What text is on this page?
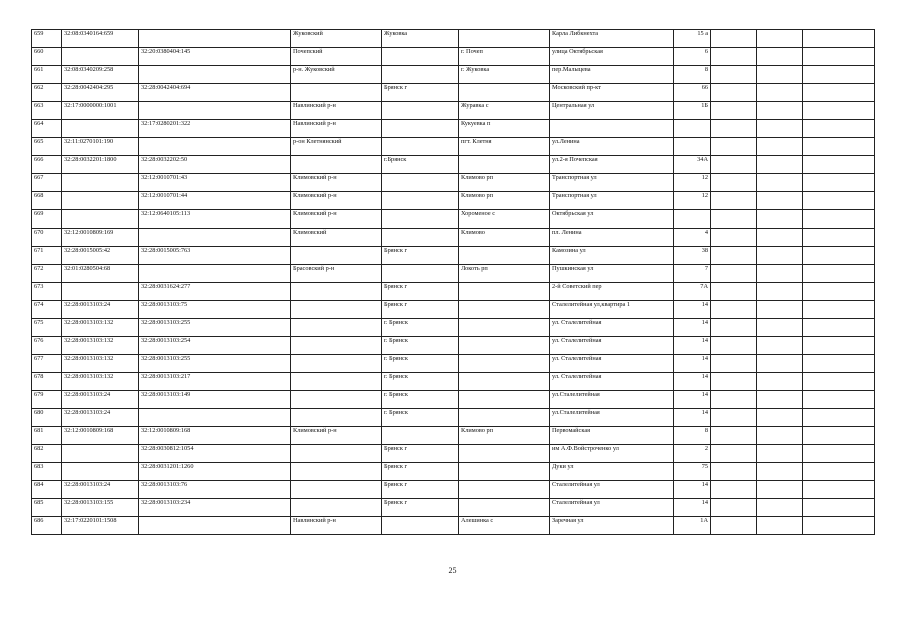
659	32:08:0340164:659		Жуковский	Жуковка		Карла Либкнехта	15 а			
660		32:20:0380404:145	Почепский		г. Почеп	улица Октябрьская	6			
661	32:08:0340209:258		р-н. Жуковский		г. Жуковка	пер.Малыцева	8			
662	32:28:0042404:295	32:28:0042404:694		Брянск г		Московский пр-кт	66			
663	32:17:0000000:1001		Навлинский р-н		Журавка с	Центральная ул	1Б			
664		32:17:0280201:322	Навлинский р-н		Кукуевка п					
665	32:11:0270101:190		р-он Клетнянский		пгт. Клетня	ул.Ленина				
666	32:28:0032201:1800	32:28:0032202:50		г.Брянск		ул.2-я Почепская	34А			
667		32:12:0010701:43	Климовский р-н		Климово рп	Транспортная ул	12			
668		32:12:0010701:44	Климовский р-н		Климово рп	Транспортная ул	12			
669		32:12:0640105:113	Климовский р-н		Хороменое с	Октябрьская ул				
670	32:12:0010809:169		Климовский		Климово	пл. Ленина	4			
671	32:28:0015005:42	32:28:0015005:763		Брянск г		Камозина ул	38			
672	32:01:0280504:68		Брасовский р-н		Локоть рп	Пушкинская ул	7			
673		32:28:0031624:277		Брянск г		2-й Советский пер	7А			
674	32:28:0013103:24	32:28:0013103:75		Брянск г		Сталелитейная ул,квартира 1	14			
675	32:28:0013103:132	32:28:0013103:255		г. Брянск		ул. Сталелитейная	14			
676	32:28:0013103:132	32:28:0013103:254		г. Брянск		ул. Сталелитейная	14			
677	32:28:0013103:132	32:28:0013103:255		г. Брянск		ул. Сталелитейная	14			
678	32:28:0013103:132	32:28:0013103:217		г. Брянск		ул. Сталелитейная	14			
679	32:28:0013103:24	32:28:0013103:149		г. Брянск		ул.Сталелитейная	14			
680	32:28:0013103:24			г. Брянск		ул.Сталелитейная	14			
681	32:12:0010809:168	32:12:0010809:168	Климовский р-н		Климово рп	Первомайская	8			
682		32:28:0030812:1054		Брянск г		им А.Ф.Войстроченко ул	2			
683		32:28:0031201:1260		Брянск г		Дуки ул	75			
684	32:28:0013103:24	32:28:0013103:76		Брянск г		Сталелитейная ул	14			
685	32:28:0013103:155	32:28:0013103:234		Брянск г		Сталелитейная ул	14			
686	32:17:0220101:1508		Навлинский р-н		Алешинка с	Заречная ул	1А			
25
